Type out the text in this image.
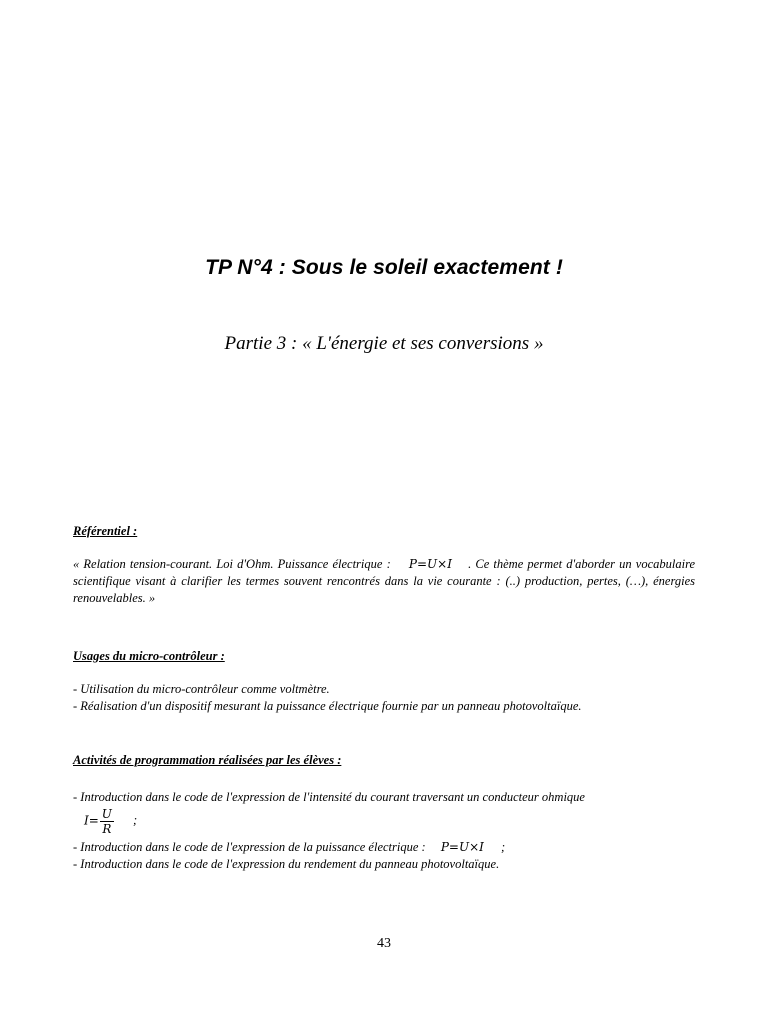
TP N°4 : Sous le soleil exactement !
Partie 3 : « L'énergie et ses conversions »
Référentiel :
« Relation tension-courant. Loi d'Ohm. Puissance électrique : P=U×I . Ce thème permet d'aborder un vocabulaire scientifique visant à clarifier les termes souvent rencontrés dans la vie courante : (..) production, pertes, (…), énergies renouvelables. »
Usages du micro-contrôleur :
- Utilisation du micro-contrôleur comme voltmètre.
- Réalisation d'un dispositif mesurant la puissance électrique fournie par un panneau photovoltaïque.
Activités de programmation réalisées par les élèves :
- Introduction dans le code de l'expression de l'intensité du courant traversant un conducteur ohmique
$I= \frac{U}{R}$ ;
- Introduction dans le code de l'expression de la puissance électrique : P=U×I ;
- Introduction dans le code de l'expression du rendement du panneau photovoltaïque.
43
